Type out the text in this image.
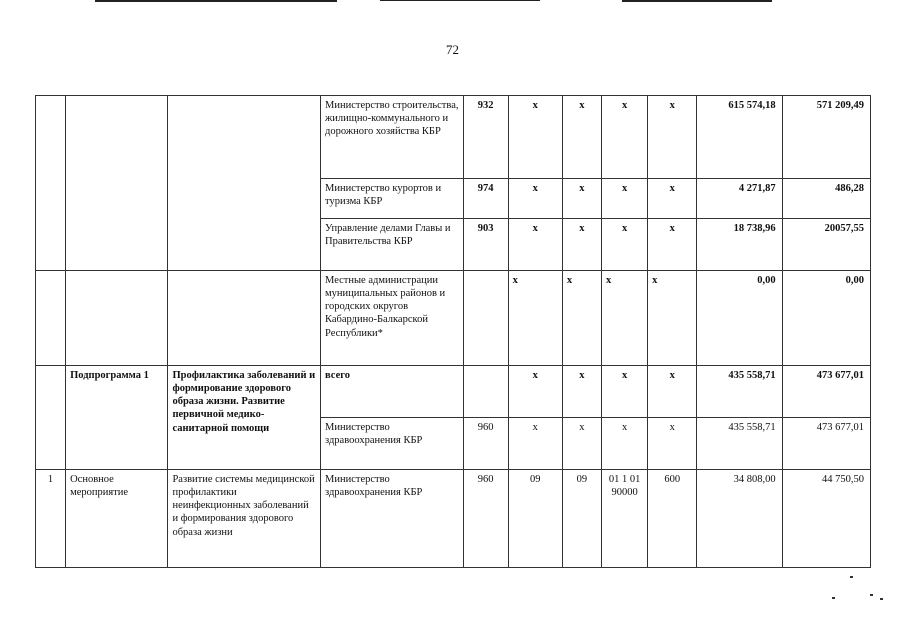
72
			Министерство строительства, жилищно-коммунального и дорожного хозяйства КБР	932	х	х	х	х	615 574,18	571 209,49
			Министерство курортов и туризма КБР	974	х	х	х	х	4 271,87	486,28
			Управление делами Главы и Правительства КБР	903	х	х	х	х	18 738,96	20057,55
			Местные администрации муниципальных районов и городских округов Кабардино-Балкарской Республики*		х	х	х	х	0,00	0,00
	Подпрограмма 1	Профилактика заболеваний и формирование здорового образа жизни. Развитие первичной медико-санитарной помощи	всего		х	х	х	х	435 558,71	473 677,01
			Министерство здравоохранения КБР	960	х	х	х	х	435 558,71	473 677,01
1	Основное мероприятие	Развитие системы медицинской профилактики неинфекционных заболеваний и формирования здорового образа жизни	Министерство здравоохранения КБР	960	09	09	01 1 01 90000	600	34 808,00	44 750,50
